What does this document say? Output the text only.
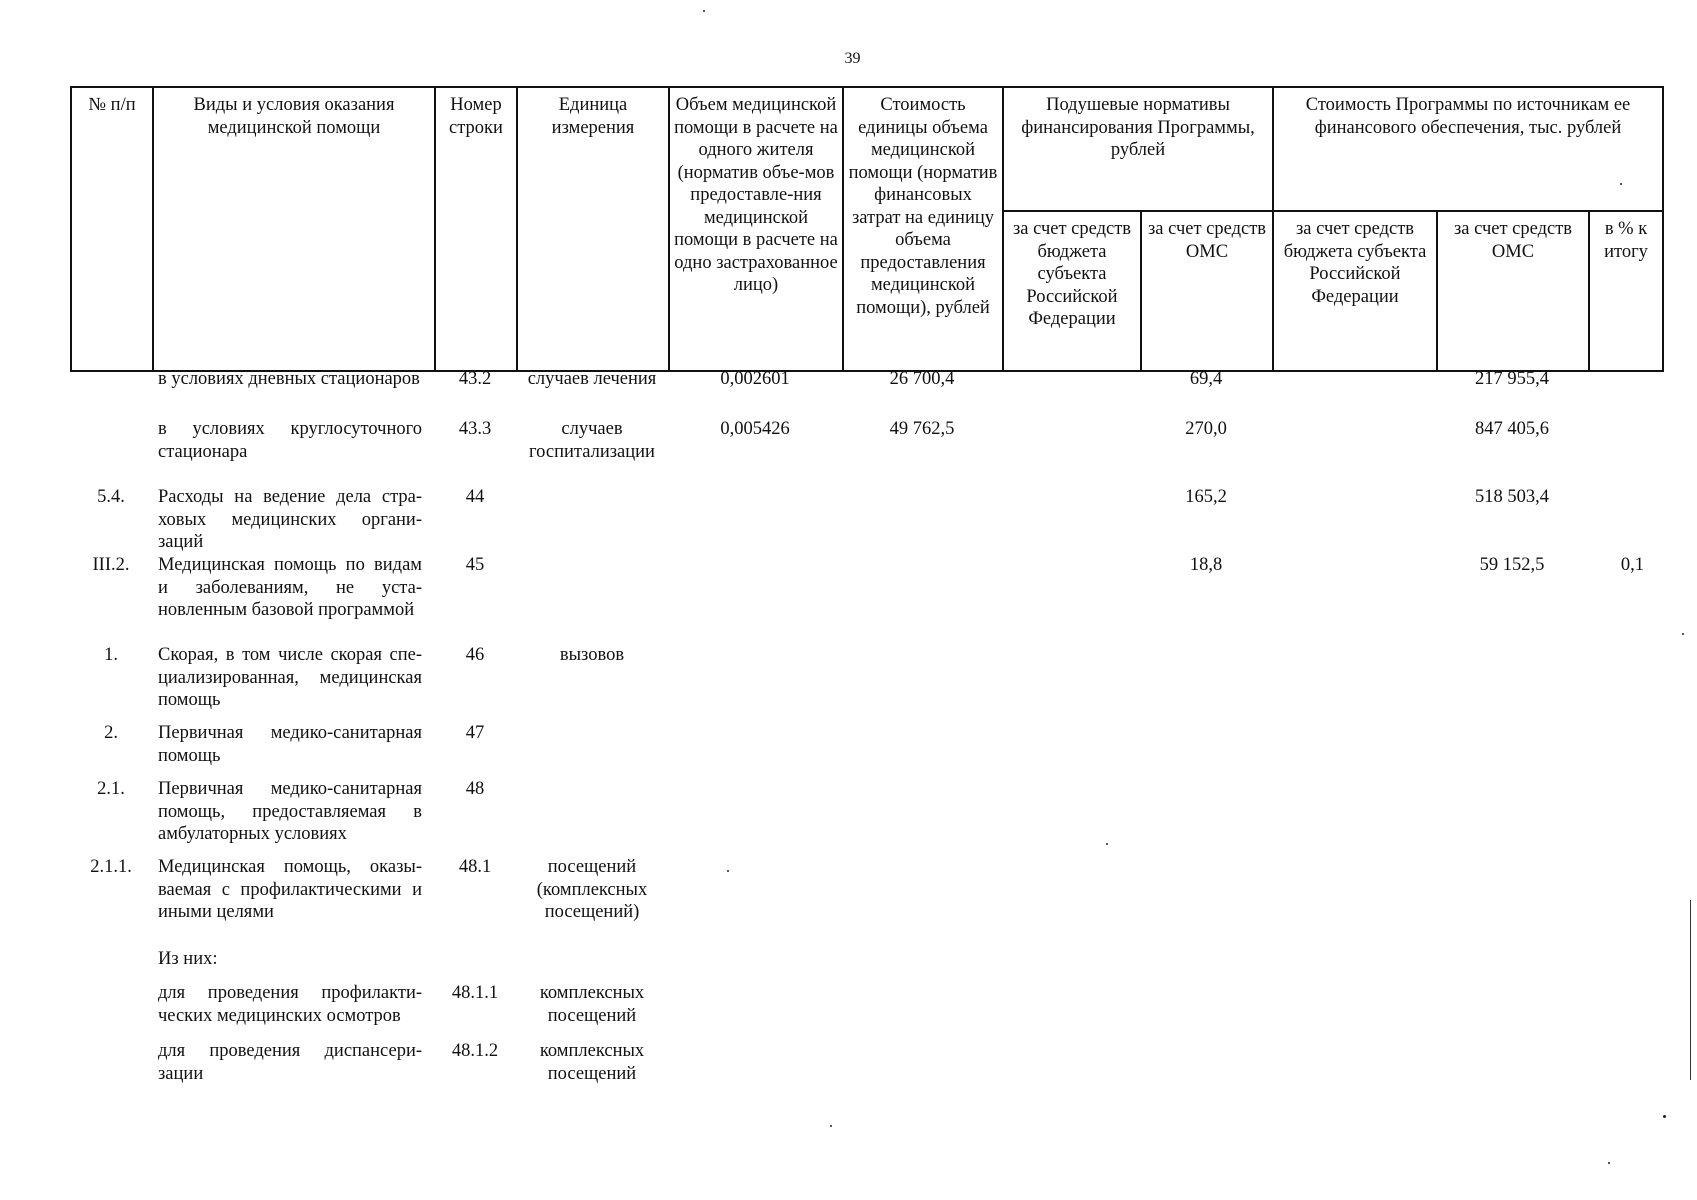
39
№ п/п	Виды и условия оказания медицинской помощи	Номер строки	Единица измерения	Объем медицинской помощи в расчете на одного жителя (норматив объе-мов предоставле-ния медицинской помощи в расчете на одно застрахованное лицо)	Стоимость единицы объема медицинской помощи (норматив финансовых затрат на единицу объема предоставления медицинской помощи), рублей	Подушевые нормативы финансирования Программы, рублей		Стоимость Программы по источникам ее финансового обеспечения, тыс. рублей		
						за счет средств бюджета субъекта Российской Федерации	за счет средств ОМС	за счет средств бюджета субъекта Российской Федерации	за счет средств ОМС	в % к итогу
	в условиях дневных стационаров	43.2	случаев лечения	0,002601	26 700,4		69,4		217 955,4	
	в условиях круглосуточного стационара	43.3	случаев госпитализации	0,005426	49 762,5		270,0		847 405,6	
5.4.	Расходы на ведение дела стра-ховых медицинских органи-заций	44					165,2		518 503,4	
III.2.	Медицинская помощь по видам и заболеваниям, не уста-новленным базовой программой	45					18,8		59 152,5	0,1
1.	Скорая, в том числе скорая спе-циализированная, медицинская помощь	46	вызовов							
2.	Первичная медико-санитарная помощь	47								
2.1.	Первичная медико-санитарная помощь, предоставляемая в амбулаторных условиях	48								
2.1.1.	Медицинская помощь, оказы-ваемая с профилактическими и иными целями	48.1	посещений (комплексных посещений)							
	Из них:									
	для проведения профилакти-ческих медицинских осмотров	48.1.1	комплексных посещений							
	для проведения диспансери-зации	48.1.2	комплексных посещений							
